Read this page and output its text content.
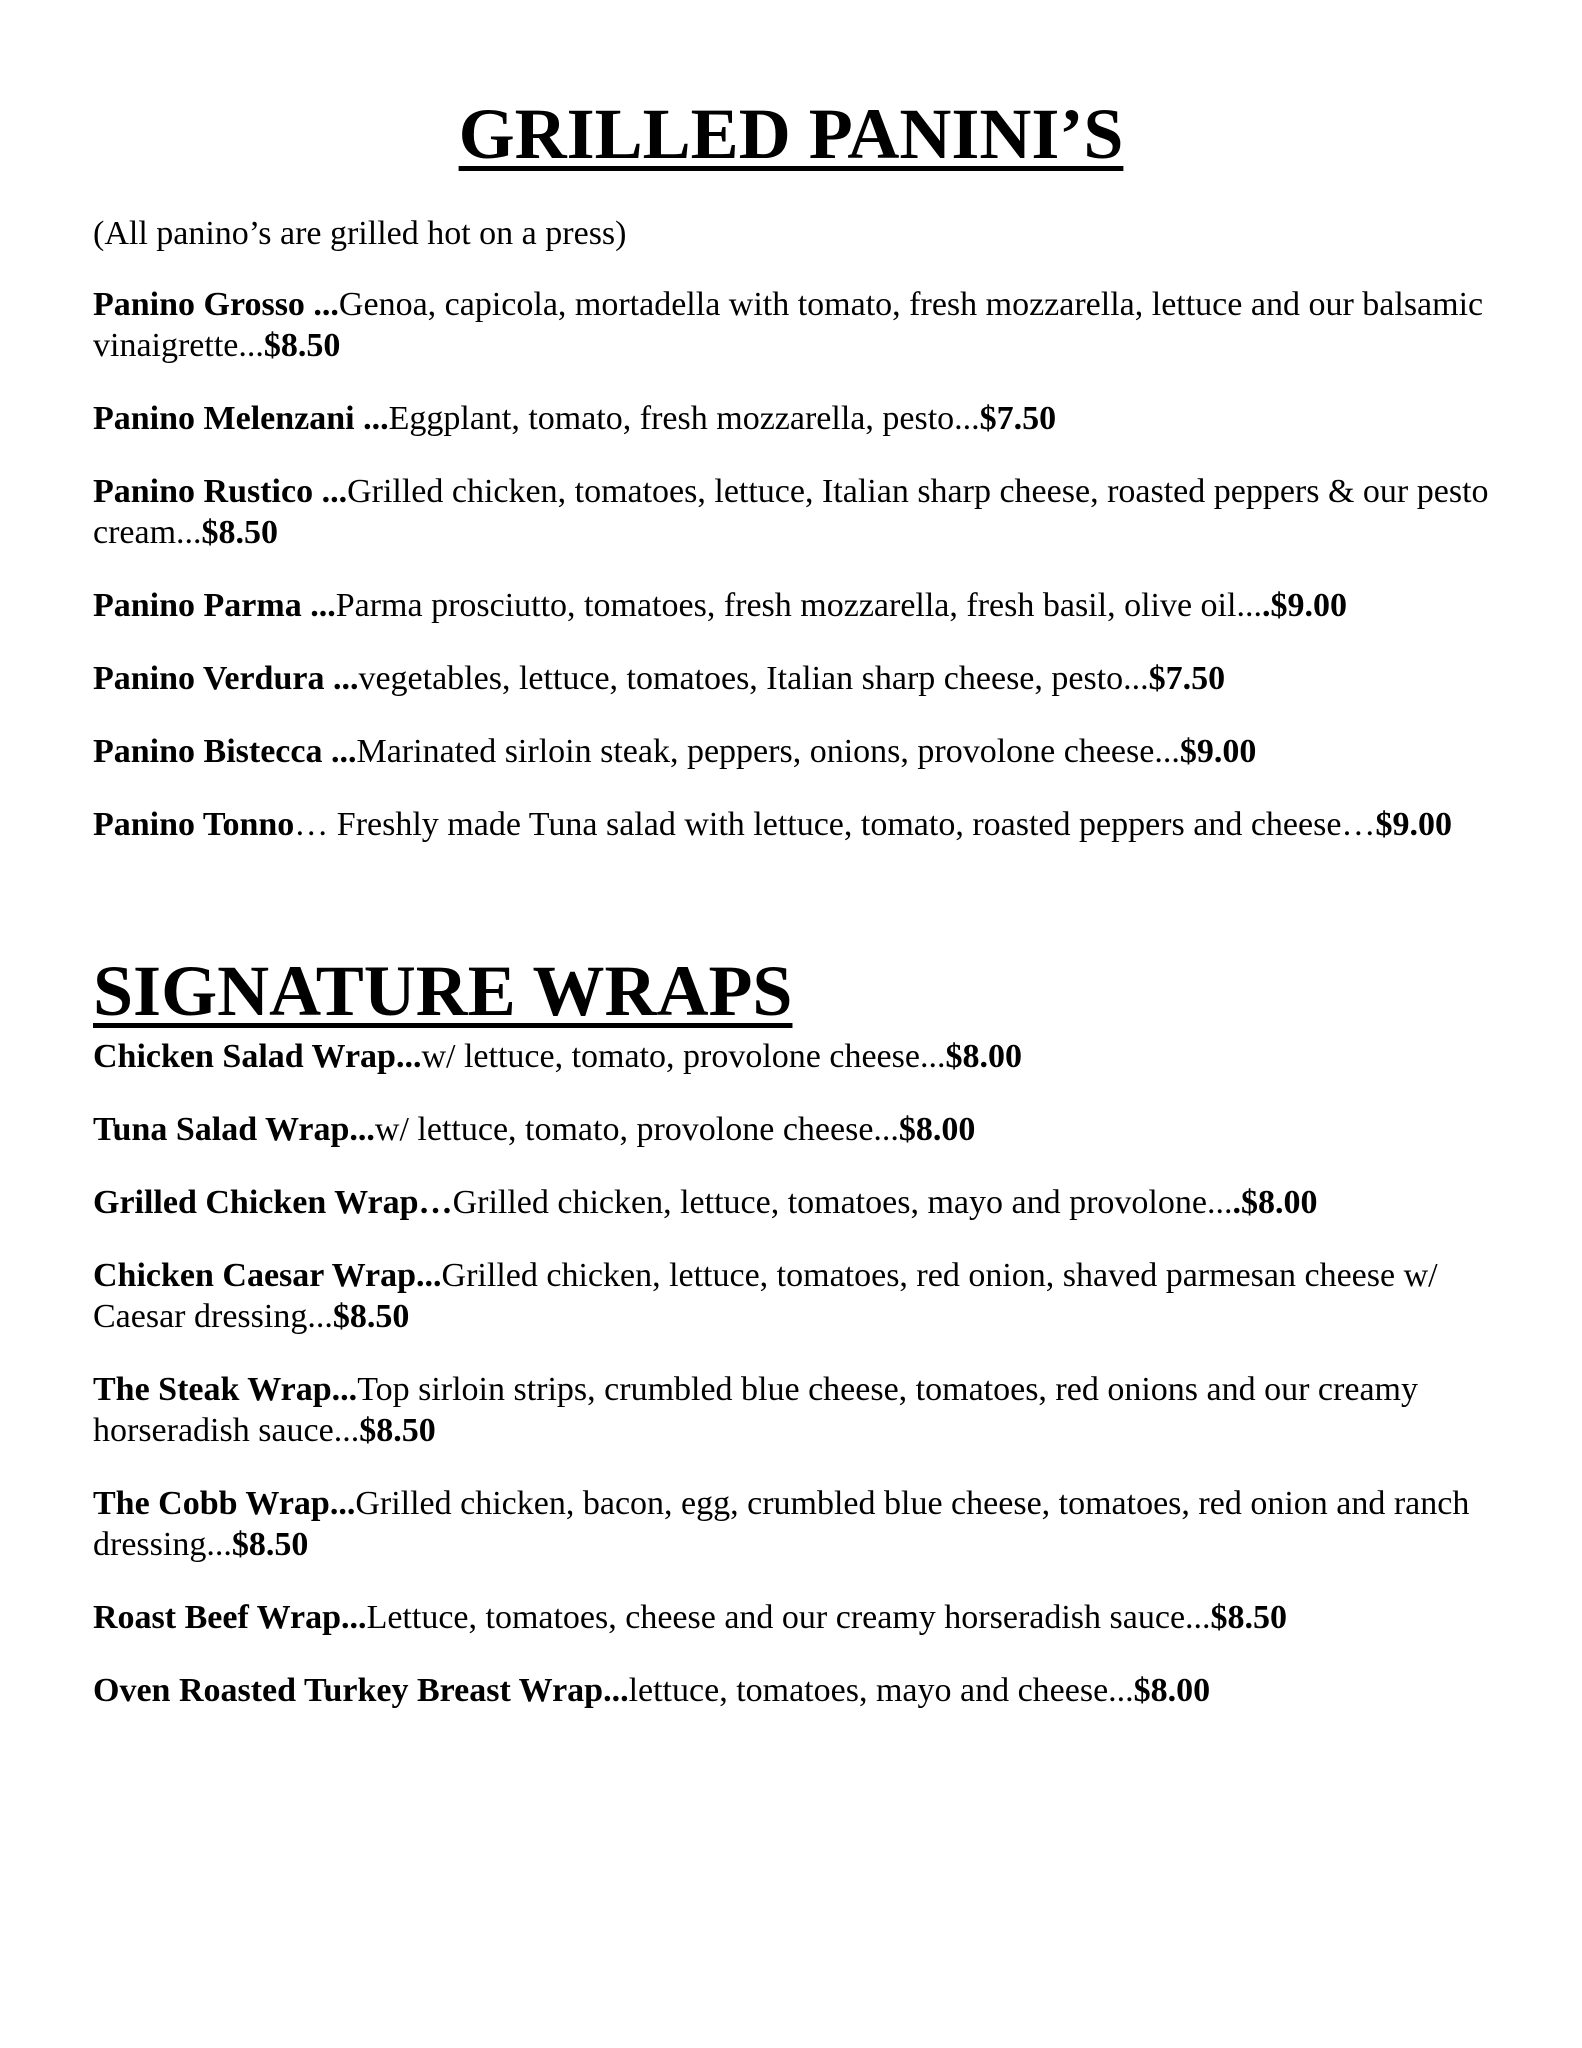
GRILLED PANINI’S
(All panino’s are grilled hot on a press)
Panino Grosso ...Genoa, capicola, mortadella with tomato, fresh mozzarella, lettuce and our balsamic vinaigrette...$8.50
Panino Melenzani ...Eggplant, tomato, fresh mozzarella, pesto...$7.50
Panino Rustico ...Grilled chicken, tomatoes, lettuce, Italian sharp cheese, roasted peppers & our pesto cream...$8.50
Panino Parma ...Parma prosciutto, tomatoes, fresh mozzarella, fresh basil, olive oil....$9.00
Panino Verdura ...vegetables, lettuce, tomatoes, Italian sharp cheese, pesto...$7.50
Panino Bistecca ...Marinated sirloin steak, peppers, onions, provolone cheese...$9.00
Panino Tonno… Freshly made Tuna salad with lettuce, tomato, roasted peppers and cheese…$9.00
SIGNATURE WRAPS
Chicken Salad Wrap...w/ lettuce, tomato, provolone cheese...$8.00
Tuna Salad Wrap...w/ lettuce, tomato, provolone cheese...$8.00
Grilled Chicken Wrap…Grilled chicken, lettuce, tomatoes, mayo and provolone....$8.00
Chicken Caesar Wrap...Grilled chicken, lettuce, tomatoes, red onion, shaved parmesan cheese w/ Caesar dressing...$8.50
The Steak Wrap...Top sirloin strips, crumbled blue cheese, tomatoes, red onions and our creamy horseradish sauce...$8.50
The Cobb Wrap...Grilled chicken, bacon, egg, crumbled blue cheese, tomatoes, red onion and ranch dressing...$8.50
Roast Beef Wrap...Lettuce, tomatoes, cheese and our creamy horseradish sauce...$8.50
Oven Roasted Turkey Breast Wrap...lettuce, tomatoes, mayo and cheese...$8.00
